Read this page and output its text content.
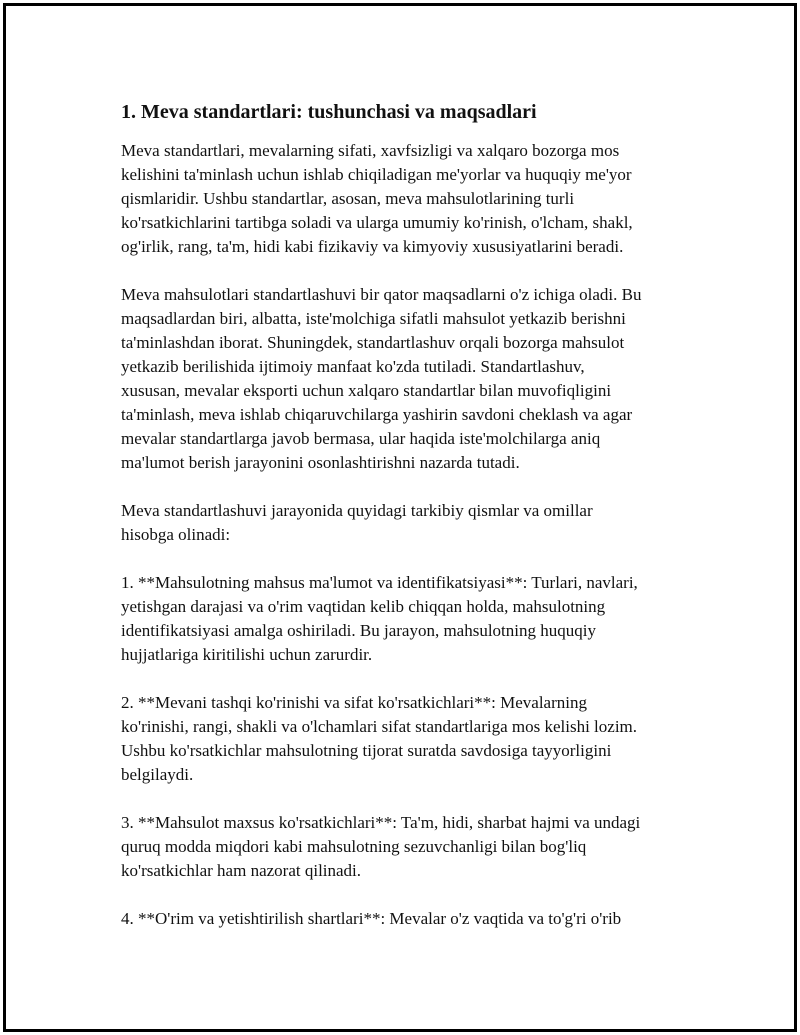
1. Meva standartlari: tushunchasi va maqsadlari

Meva standartlari, mevalarning sifati, xavfsizligi va xalqaro bozorga mos
kelishini ta'minlash uchun ishlab chiqiladigan me'yorlar va huquqiy me'yor
qismlaridir. Ushbu standartlar, asosan, meva mahsulotlarining turli
ko'rsatkichlarini tartibga soladi va ularga umumiy ko'rinish, o'lcham, shakl,
og'irlik, rang, ta'm, hidi kabi fizikaviy va kimyoviy xususiyatlarini beradi.

Meva mahsulotlari standartlashuvi bir qator maqsadlarni o'z ichiga oladi. Bu
maqsadlardan biri, albatta, iste'molchiga sifatli mahsulot yetkazib berishni
ta'minlashdan iborat. Shuningdek, standartlashuv orqali bozorga mahsulot
yetkazib berilishida ijtimoiy manfaat ko'zda tutiladi. Standartlashuv,
xususan, mevalar eksporti uchun xalqaro standartlar bilan muvofiqligini
ta'minlash, meva ishlab chiqaruvchilarga yashirin savdoni cheklash va agar
mevalar standartlarga javob bermasa, ular haqida iste'molchilarga aniq
ma'lumot berish jarayonini osonlashtirishni nazarda tutadi.

Meva standartlashuvi jarayonida quyidagi tarkibiy qismlar va omillar
hisobga olinadi:

1. **Mahsulotning mahsus ma'lumot va identifikatsiyasi**: Turlari, navlari,
yetishgan darajasi va o'rim vaqtidan kelib chiqqan holda, mahsulotning
identifikatsiyasi amalga oshiriladi. Bu jarayon, mahsulotning huquqiy
hujjatlariga kiritilishi uchun zarurdir.

2. **Mevani tashqi ko'rinishi va sifat ko'rsatkichlari**: Mevalarning
ko'rinishi, rangi, shakli va o'lchamlari sifat standartlariga mos kelishi lozim.
Ushbu ko'rsatkichlar mahsulotning tijorat suratda savdosiga tayyorligini
belgilaydi.

3. **Mahsulot maxsus ko'rsatkichlari**: Ta'm, hidi, sharbat hajmi va undagi
quruq modda miqdori kabi mahsulotning sezuvchanligi bilan bog'liq
ko'rsatkichlar ham nazorat qilinadi.

4. **O'rim va yetishtirilish shartlari**: Mevalar o'z vaqtida va to'g'ri o'rib
